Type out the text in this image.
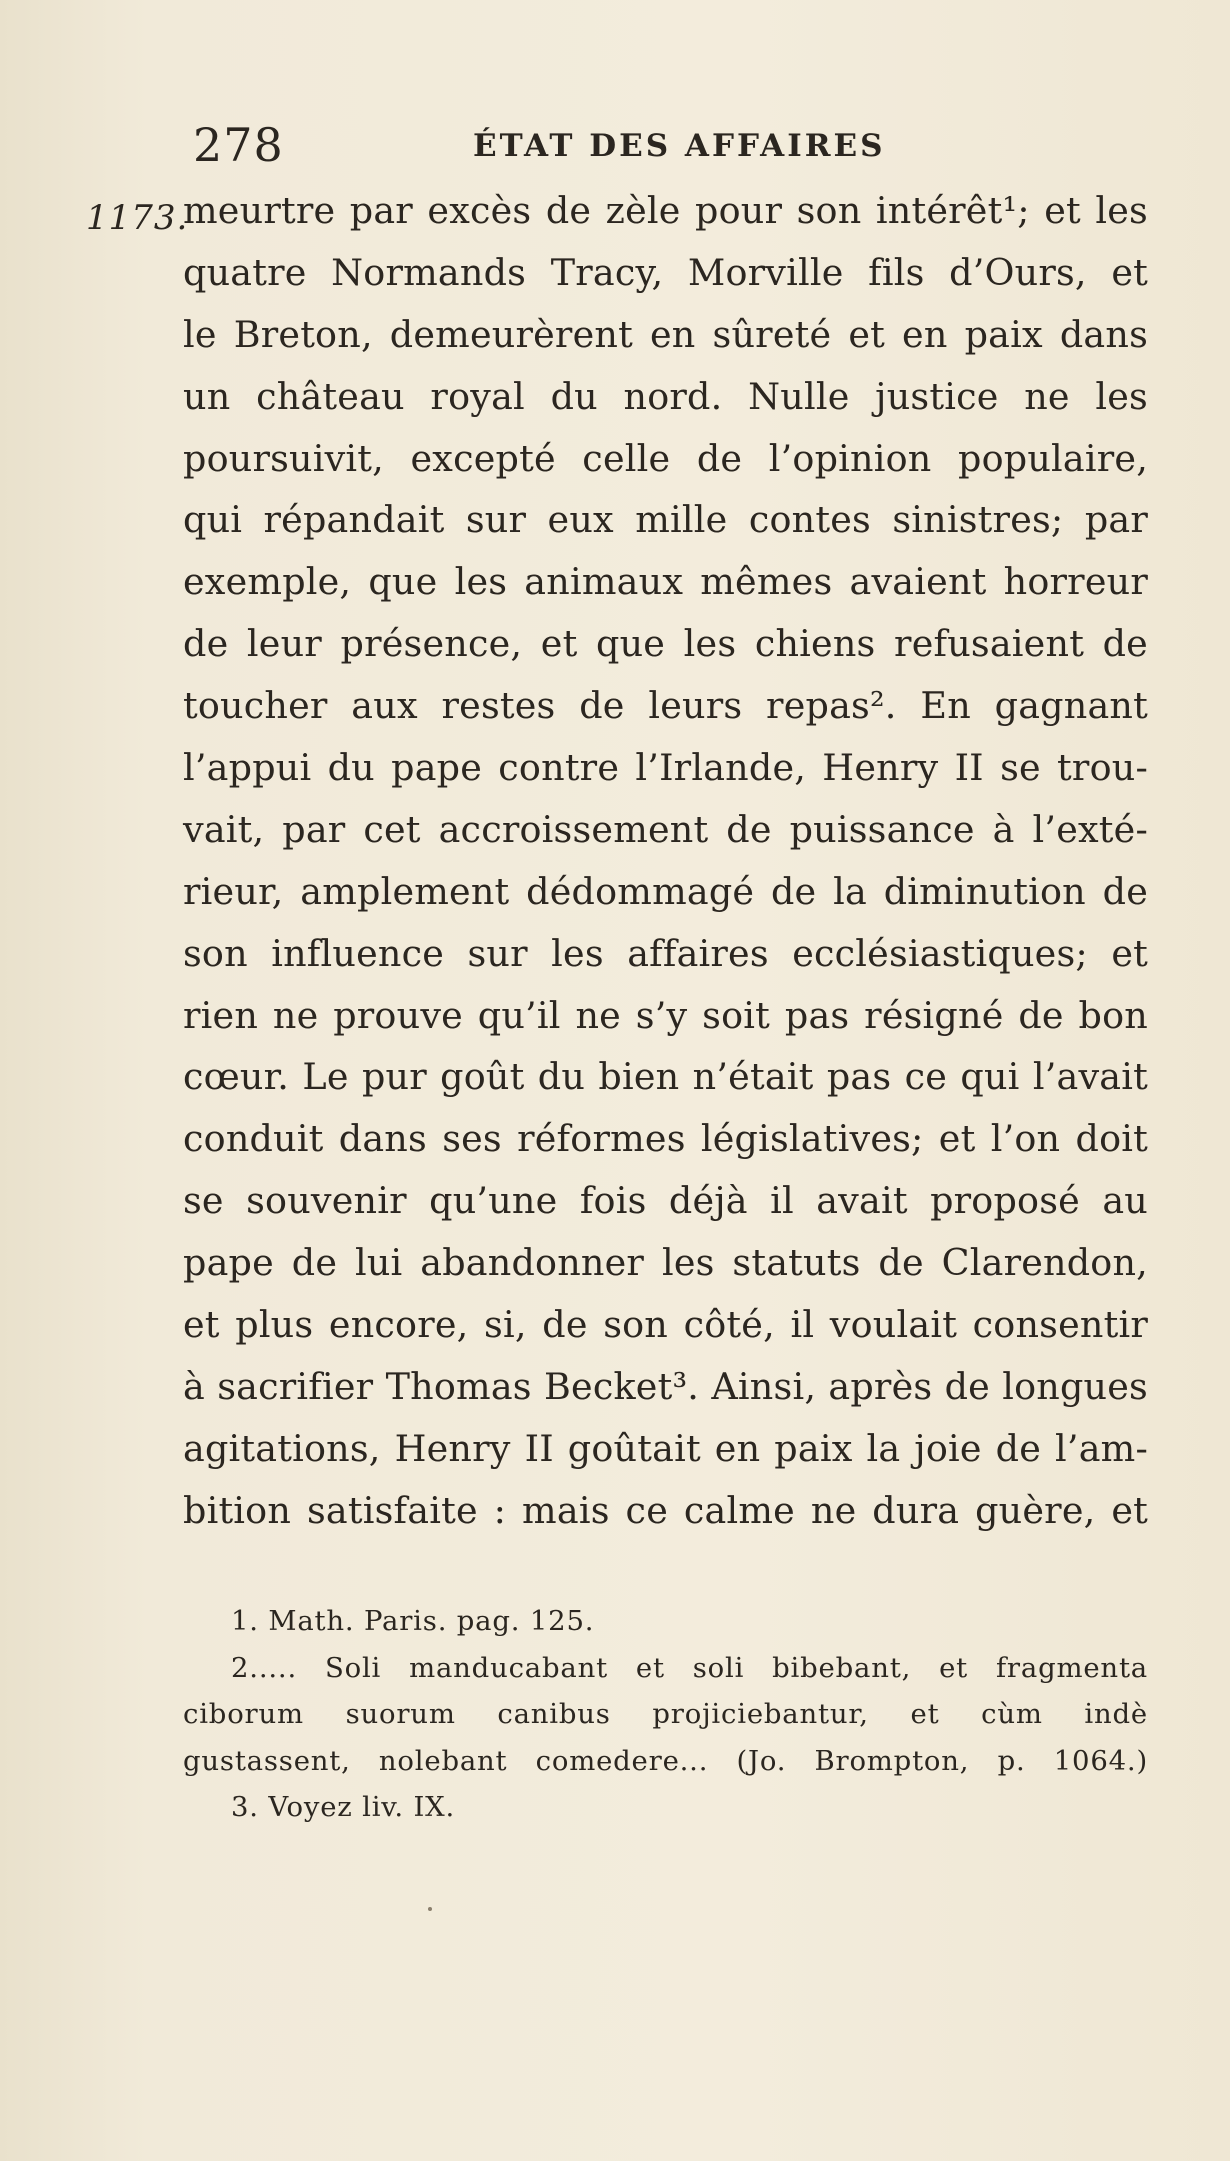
278	ÉTAT DES AFFAIRES
1173.
meurtre par excès de zèle pour son intérêt¹; et les
quatre Normands Tracy, Morville fils d’Ours, et
le Breton, demeurèrent en sûreté et en paix dans
un château royal du nord. Nulle justice ne les
poursuivit, excepté celle de l’opinion populaire,
qui répandait sur eux mille contes sinistres; par
exemple, que les animaux mêmes avaient horreur
de leur présence, et que les chiens refusaient de
toucher aux restes de leurs repas². En gagnant
l’appui du pape contre l’Irlande, Henry II se trou-
vait, par cet accroissement de puissance à l’exté-
rieur, amplement dédommagé de la diminution de
son influence sur les affaires ecclésiastiques; et
rien ne prouve qu’il ne s’y soit pas résigné de bon
cœur. Le pur goût du bien n’était pas ce qui l’avait
conduit dans ses réformes législatives; et l’on doit
se souvenir qu’une fois déjà il avait proposé au
pape de lui abandonner les statuts de Clarendon,
et plus encore, si, de son côté, il voulait consentir
à sacrifier Thomas Becket³. Ainsi, après de longues
agitations, Henry II goûtait en paix la joie de l’am-
bition satisfaite : mais ce calme ne dura guère, et
1. Math. Paris. pag. 125.
2..... Soli manducabant et soli bibebant, et fragmenta
ciborum suorum canibus projiciebantur, et cùm indè
gustassent, nolebant comedere... (Jo. Brompton, p. 1064.)
3. Voyez liv. IX.
